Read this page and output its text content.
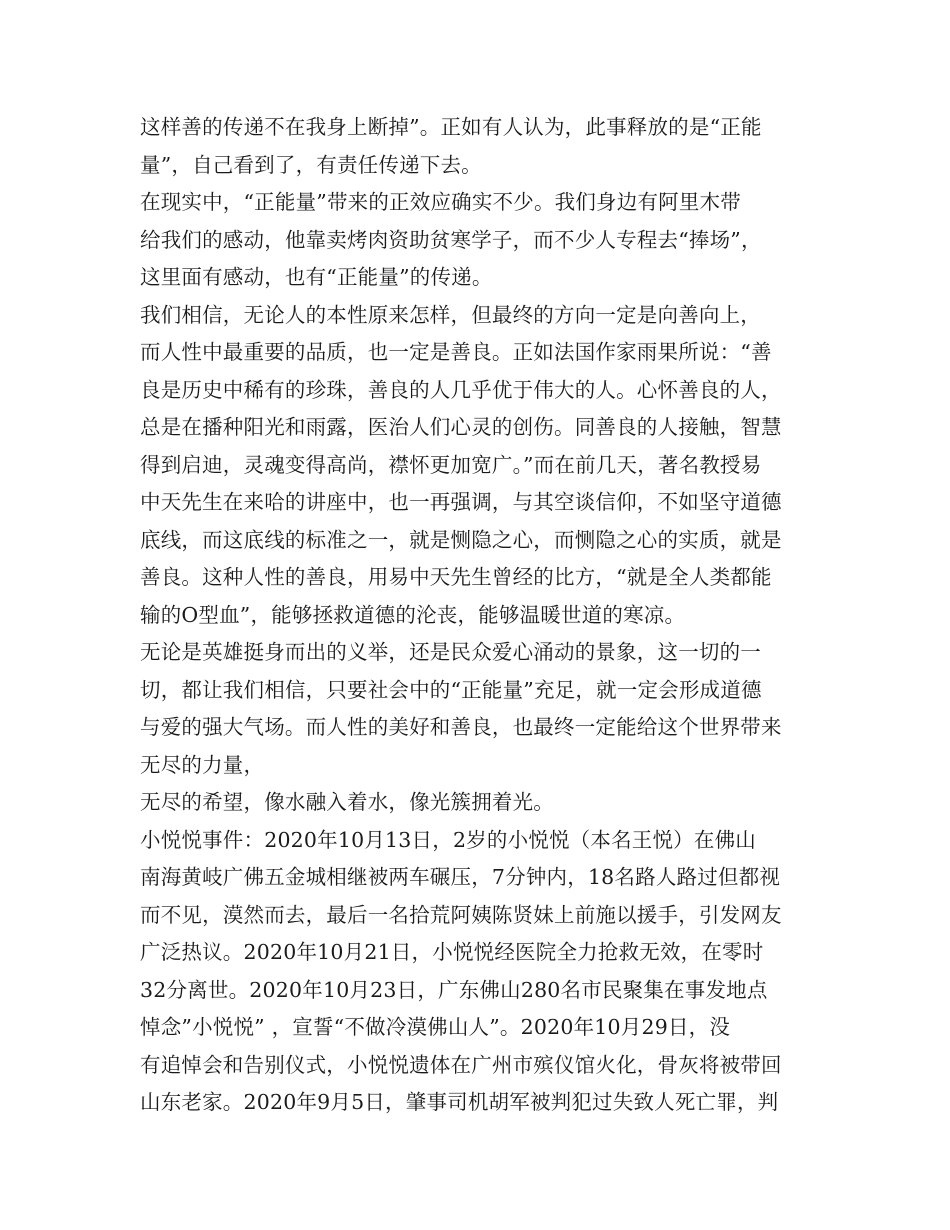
这样善的传递不在我身上断掉”。正如有人认为，此事释放的是“正能
量”，自己看到了，有责任传递下去。
在现实中，“正能量”带来的正效应确实不少。我们身边有阿里木带
给我们的感动，他靠卖烤肉资助贫寒学子，而不少人专程去“捧场”，
这里面有感动，也有“正能量”的传递。
我们相信，无论人的本性原来怎样，但最终的方向一定是向善向上，
而人性中最重要的品质，也一定是善良。正如法国作家雨果所说：“善
良是历史中稀有的珍珠，善良的人几乎优于伟大的人。心怀善良的人，
总是在播种阳光和雨露，医治人们心灵的创伤。同善良的人接触，智慧
得到启迪，灵魂变得高尚，襟怀更加宽广。”而在前几天，著名教授易
中天先生在来哈的讲座中，也一再强调，与其空谈信仰，不如坚守道德
底线，而这底线的标准之一，就是恻隐之心，而恻隐之心的实质，就是
善良。这种人性的善良，用易中天先生曾经的比方，“就是全人类都能
输的O型血”，能够拯救道德的沦丧，能够温暖世道的寒凉。
无论是英雄挺身而出的义举，还是民众爱心涌动的景象，这一切的一
切，都让我们相信，只要社会中的“正能量”充足，就一定会形成道德
与爱的强大气场。而人性的美好和善良，也最终一定能给这个世界带来
无尽的力量，
无尽的希望，像水融入着水，像光簇拥着光。
小悦悦事件：2020年10月13日，2岁的小悦悦（本名王悦）在佛山
南海黄岐广佛五金城相继被两车碾压，7分钟内，18名路人路过但都视
而不见，漠然而去，最后一名拾荒阿姨陈贤妹上前施以援手，引发网友
广泛热议。2020年10月21日，小悦悦经医院全力抢救无效，在零时
32分离世。2020年10月23日，广东佛山280名市民聚集在事发地点
悼念”小悦悦” ，宣誓“不做冷漠佛山人”。2020年10月29日，没
有追悼会和告别仪式，小悦悦遗体在广州市殡仪馆火化，骨灰将被带回
山东老家。2020年9月5日，肇事司机胡军被判犯过失致人死亡罪，判
